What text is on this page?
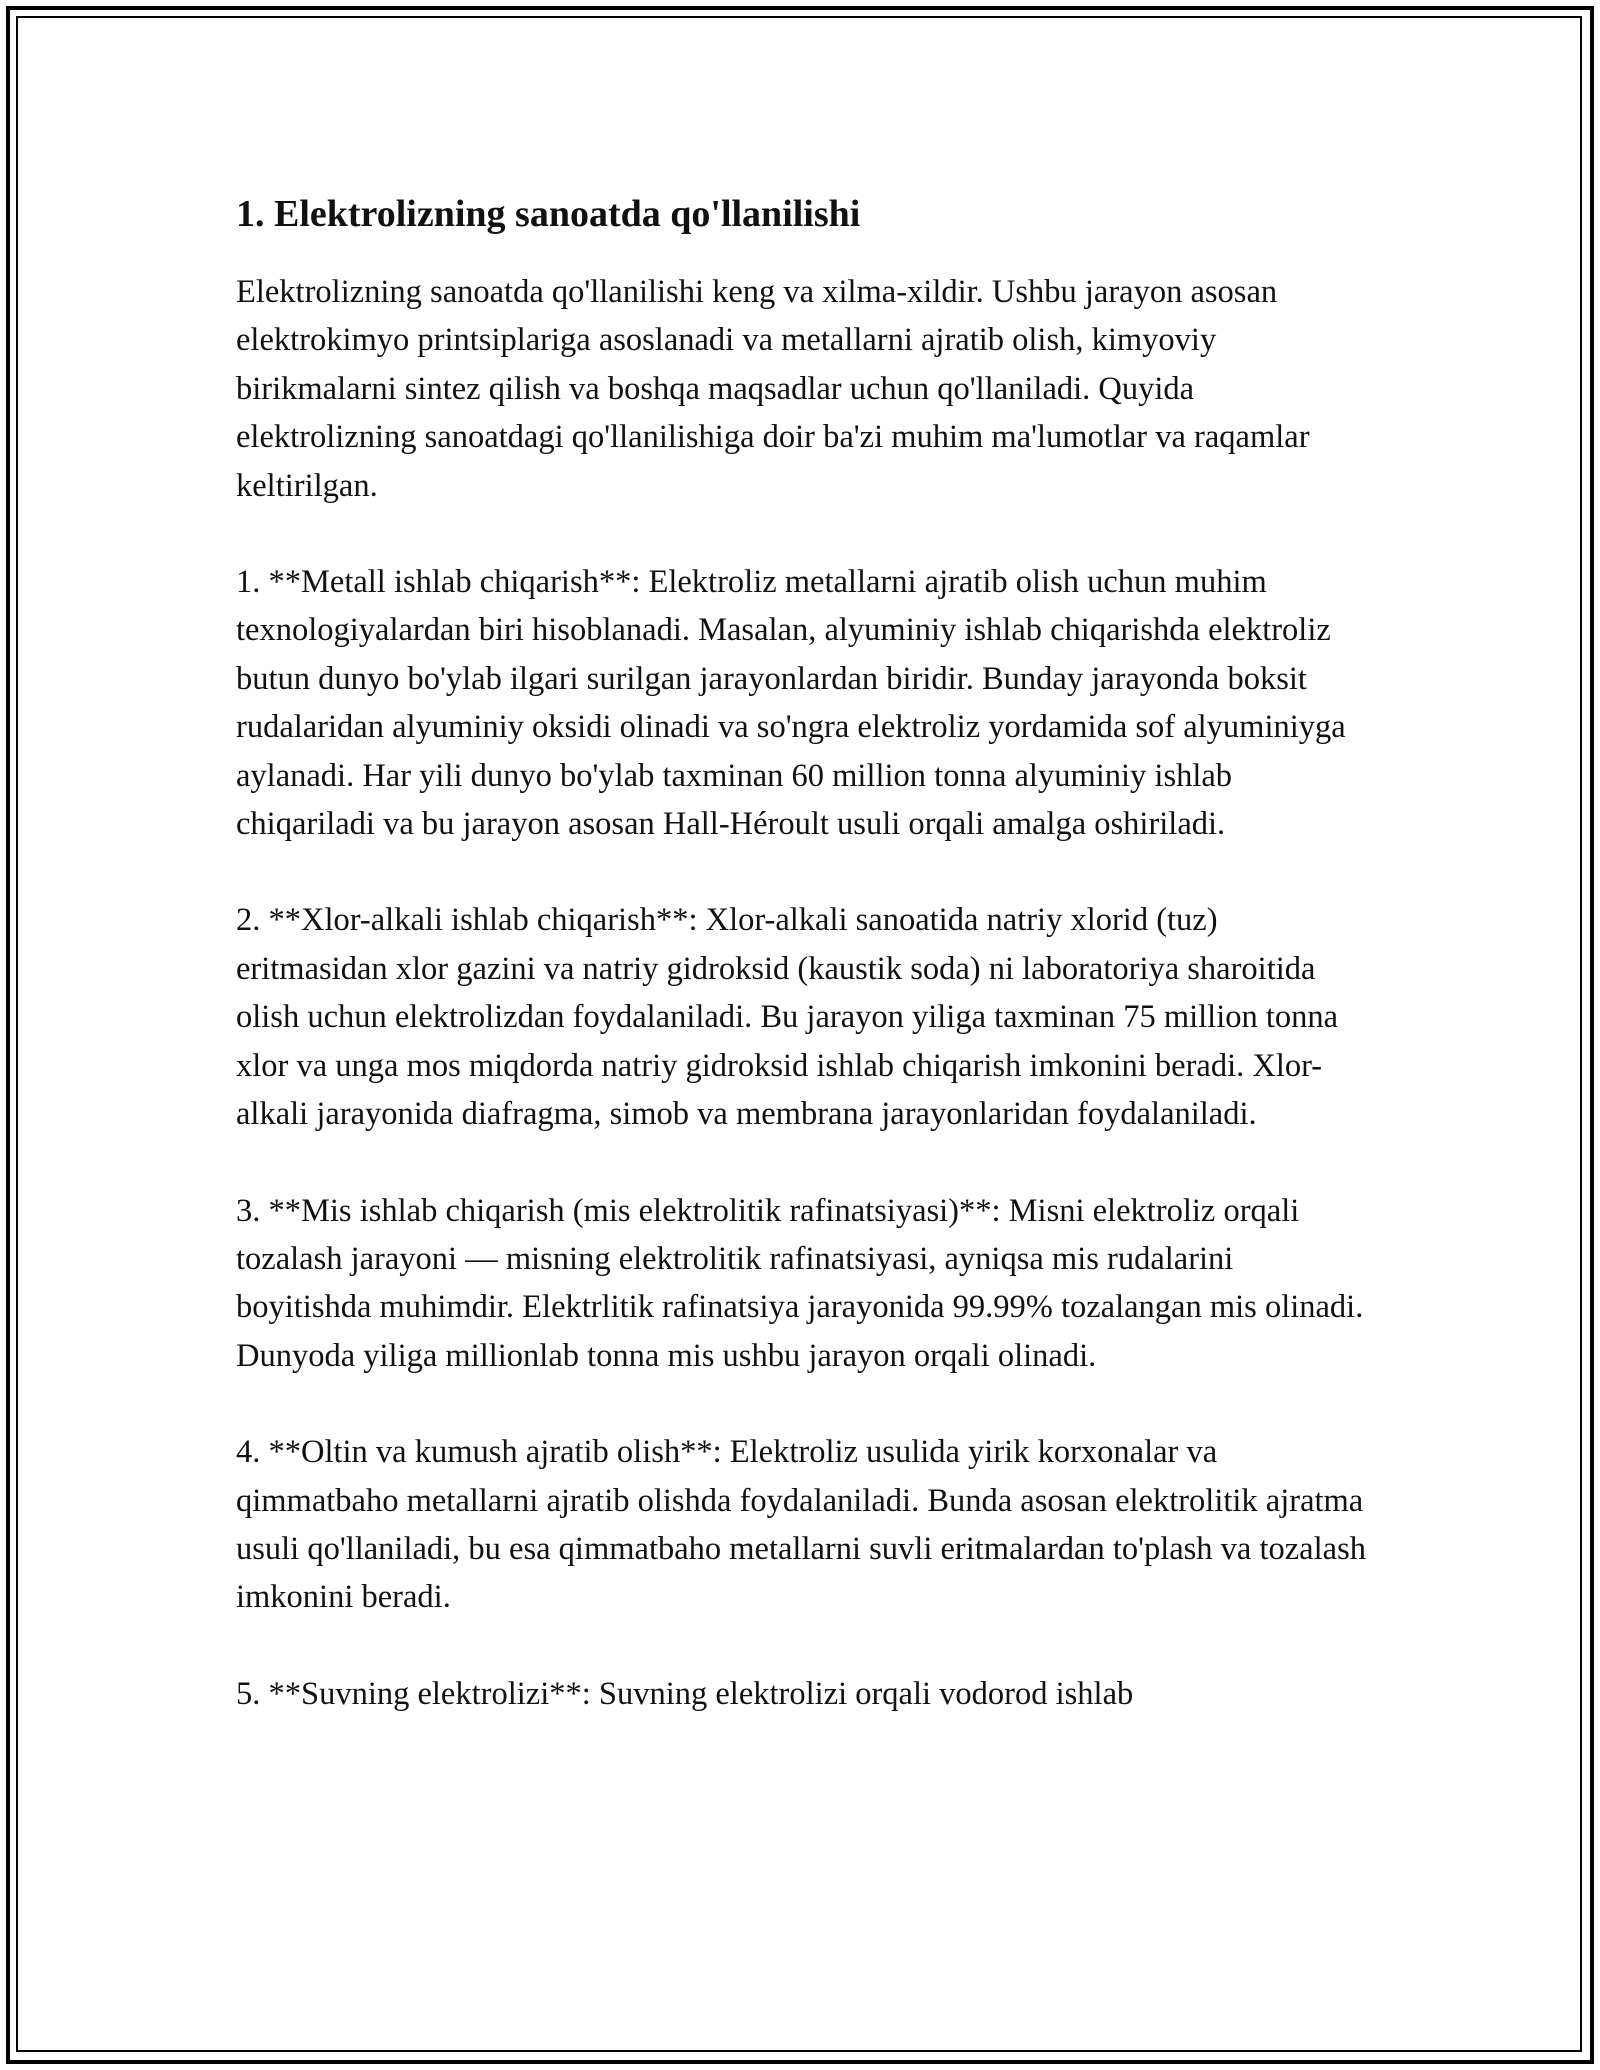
1. Elektrolizning sanoatda qo'llanilishi

Elektrolizning sanoatda qo'llanilishi keng va xilma-xildir. Ushbu jarayon asosan elektrokimyo printsiplariga asoslanadi va metallarni ajratib olish, kimyoviy birikmalarni sintez qilish va boshqa maqsadlar uchun qo'llaniladi. Quyida elektrolizning sanoatdagi qo'llanilishiga doir ba'zi muhim ma'lumotlar va raqamlar keltirilgan.

1. **Metall ishlab chiqarish**: Elektroliz metallarni ajratib olish uchun muhim texnologiyalardan biri hisoblanadi. Masalan, alyuminiy ishlab chiqarishda elektroliz butun dunyo bo'ylab ilgari surilgan jarayonlardan biridir. Bunday jarayonda boksit rudalaridan alyuminiy oksidi olinadi va so'ngra elektroliz yordamida sof alyuminiyga aylanadi. Har yili dunyo bo'ylab taxminan 60 million tonna alyuminiy ishlab chiqariladi va bu jarayon asosan Hall-Héroult usuli orqali amalga oshiriladi.

2. **Xlor-alkali ishlab chiqarish**: Xlor-alkali sanoatida natriy xlorid (tuz) eritmasidan xlor gazini va natriy gidroksid (kaustik soda) ni laboratoriya sharoitida olish uchun elektrolizdan foydalaniladi. Bu jarayon yiliga taxminan 75 million tonna xlor va unga mos miqdorda natriy gidroksid ishlab chiqarish imkonini beradi. Xlor-alkali jarayonida diafragma, simob va membrana jarayonlaridan foydalaniladi.

3. **Mis ishlab chiqarish (mis elektrolitik rafinatsiyasi)**: Misni elektroliz orqali tozalash jarayoni — misning elektrolitik rafinatsiyasi, ayniqsa mis rudalarini boyitishda muhimdir. Elektrlitik rafinatsiya jarayonida 99.99% tozalangan mis olinadi. Dunyoda yiliga millionlab tonna mis ushbu jarayon orqali olinadi.

4. **Oltin va kumush ajratib olish**: Elektroliz usulida yirik korxonalar va qimmatbaho metallarni ajratib olishda foydalaniladi. Bunda asosan elektrolitik ajratma usuli qo'llaniladi, bu esa qimmatbaho metallarni suvli eritmalardan to'plash va tozalash imkonini beradi.

5. **Suvning elektrolizi**: Suvning elektrolizi orqali vodorod ishlab
